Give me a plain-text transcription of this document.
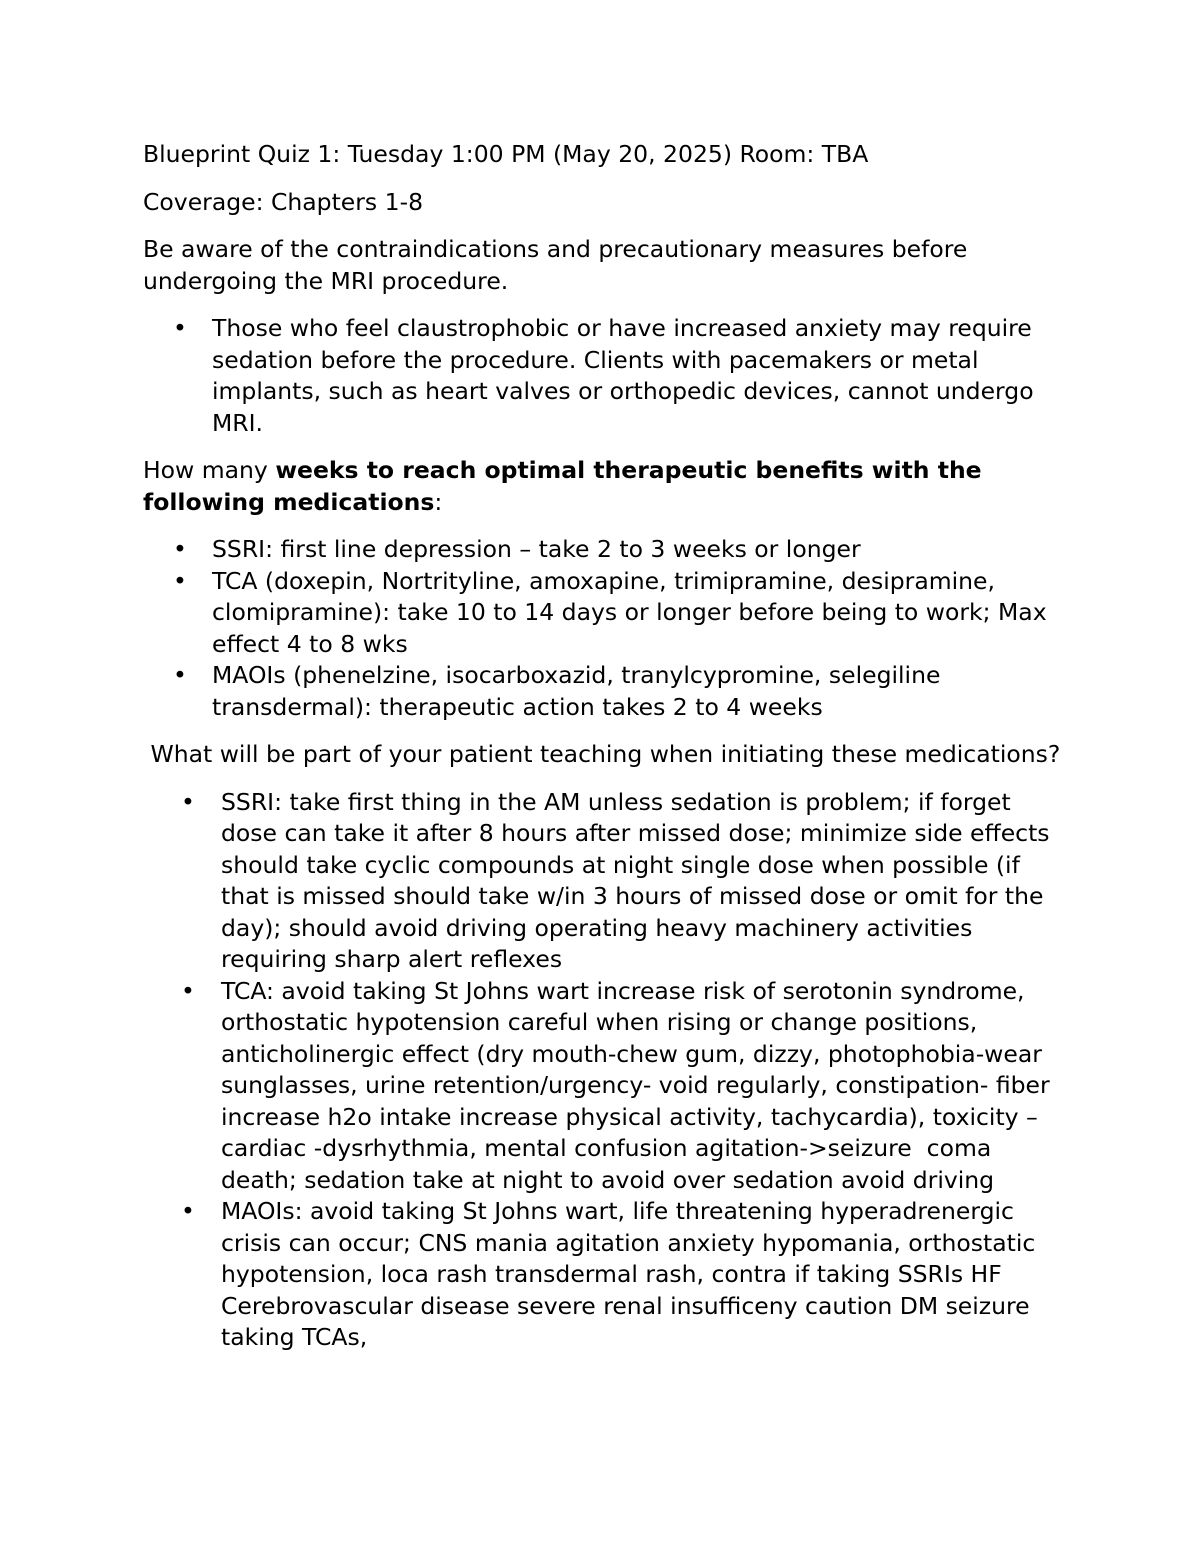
Blueprint Quiz 1: Tuesday 1:00 PM (May 20, 2025) Room: TBA

Coverage: Chapters 1-8

Be aware of the contraindications and precautionary measures before undergoing the MRI procedure.

• Those who feel claustrophobic or have increased anxiety may require sedation before the procedure. Clients with pacemakers or metal implants, such as heart valves or orthopedic devices, cannot undergo MRI.

How many weeks to reach optimal therapeutic benefits with the following medications:

• SSRI: first line depression – take 2 to 3 weeks or longer
• TCA (doxepin, Nortrityline, amoxapine, trimipramine, desipramine, clomipramine): take 10 to 14 days or longer before being to work; Max effect 4 to 8 wks
• MAOIs (phenelzine, isocarboxazid, tranylcypromine, selegiline transdermal): therapeutic action takes 2 to 4 weeks

What will be part of your patient teaching when initiating these medications?

• SSRI: take first thing in the AM unless sedation is problem; if forget dose can take it after 8 hours after missed dose; minimize side effects should take cyclic compounds at night single dose when possible (if that is missed should take w/in 3 hours of missed dose or omit for the day); should avoid driving operating heavy machinery activities requiring sharp alert reflexes
• TCA: avoid taking St Johns wart increase risk of serotonin syndrome, orthostatic hypotension careful when rising or change positions, anticholinergic effect (dry mouth-chew gum, dizzy, photophobia-wear sunglasses, urine retention/urgency- void regularly, constipation- fiber increase h2o intake increase physical activity, tachycardia), toxicity – cardiac -dysrhythmia, mental confusion agitation->seizure  coma death; sedation take at night to avoid over sedation avoid driving
• MAOIs: avoid taking St Johns wart, life threatening hyperadrenergic crisis can occur; CNS mania agitation anxiety hypomania, orthostatic hypotension, loca rash transdermal rash, contra if taking SSRIs HF Cerebrovascular disease severe renal insufficeny caution DM seizure taking TCAs,
